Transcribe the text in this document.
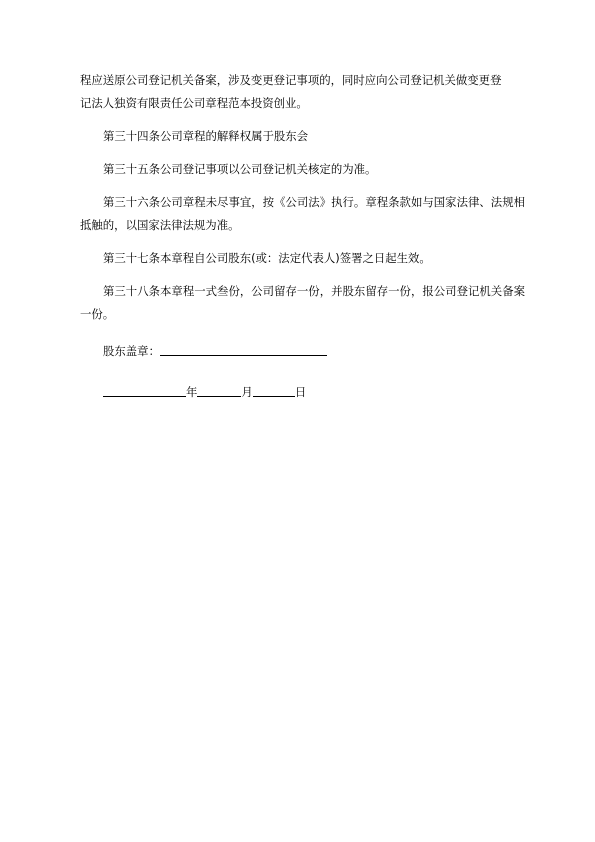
程应送原公司登记机关备案，涉及变更登记事项的，同时应向公司登记机关做变更登
记法人独资有限责任公司章程范本投资创业。

第三十四条公司章程的解释权属于股东会

第三十五条公司登记事项以公司登记机关核定的为准。

第三十六条公司章程未尽事宜，按《公司法》执行。章程条款如与国家法律、法规相抵触的，以国家法律法规为准。

第三十七条本章程自公司股东(或：法定代表人)签署之日起生效。

第三十八条本章程一式叁份，公司留存一份，并股东留存一份，报公司登记机关备案一份。

股东盖章：
年	月	日
